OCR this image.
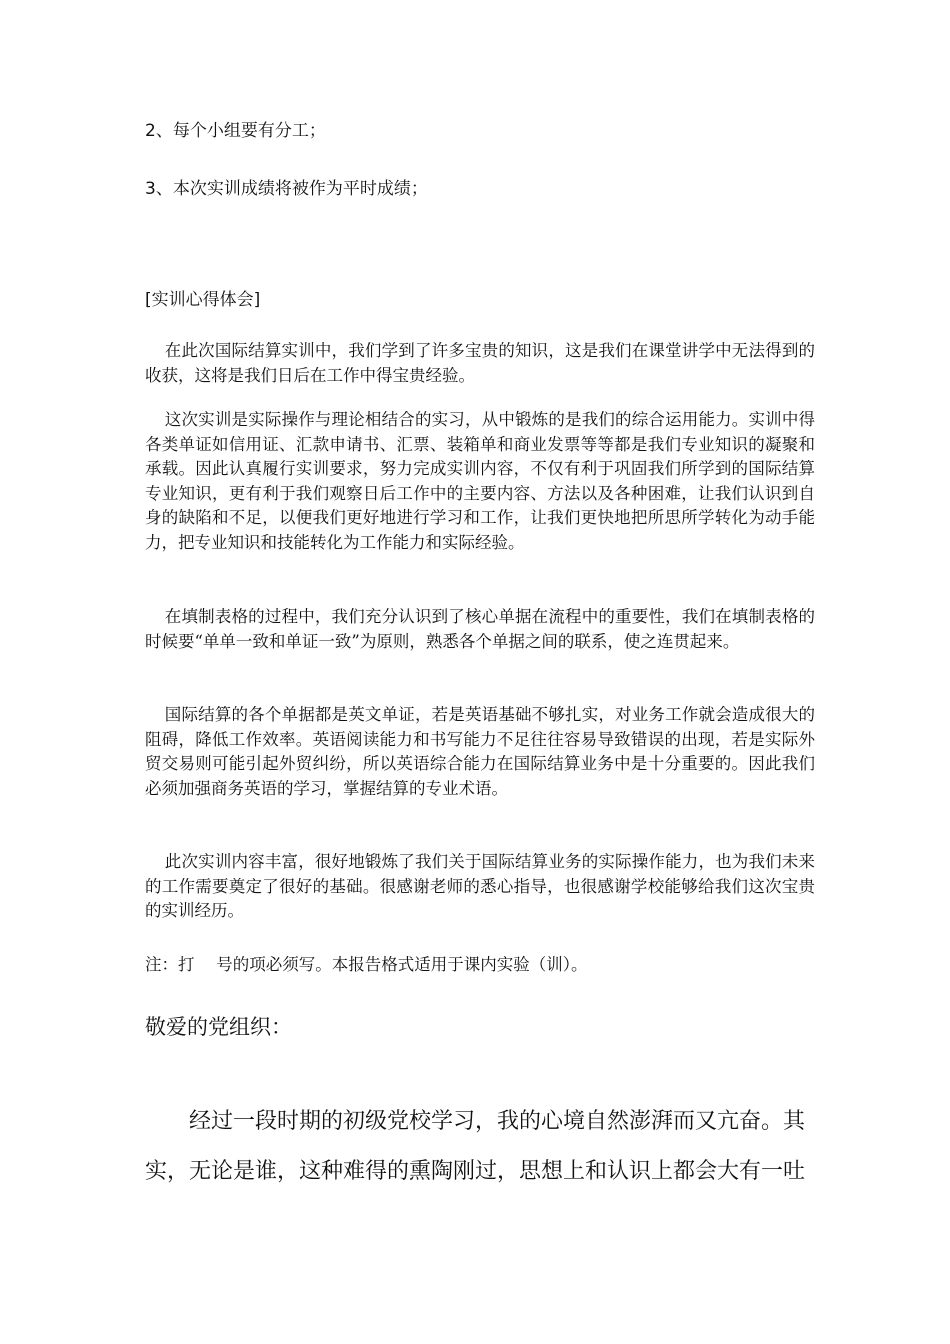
2、每个小组要有分工；
3、本次实训成绩将被作为平时成绩；
[实训心得体会]
在此次国际结算实训中，我们学到了许多宝贵的知识，这是我们在课堂讲学中无法得到的收获，这将是我们日后在工作中得宝贵经验。
这次实训是实际操作与理论相结合的实习，从中锻炼的是我们的综合运用能力。实训中得各类单证如信用证、汇款申请书、汇票、装箱单和商业发票等等都是我们专业知识的凝聚和承载。因此认真履行实训要求，努力完成实训内容，不仅有利于巩固我们所学到的国际结算专业知识，更有利于我们观察日后工作中的主要内容、方法以及各种困难，让我们认识到自身的缺陷和不足，以便我们更好地进行学习和工作，让我们更快地把所思所学转化为动手能力，把专业知识和技能转化为工作能力和实际经验。
在填制表格的过程中，我们充分认识到了核心单据在流程中的重要性，我们在填制表格的时候要“单单一致和单证一致”为原则，熟悉各个单据之间的联系，使之连贯起来。
国际结算的各个单据都是英文单证，若是英语基础不够扎实，对业务工作就会造成很大的阻碍，降低工作效率。英语阅读能力和书写能力不足往往容易导致错误的出现，若是实际外贸交易则可能引起外贸纠纷，所以英语综合能力在国际结算业务中是十分重要的。因此我们必须加强商务英语的学习，掌握结算的专业术语。
此次实训内容丰富，很好地锻炼了我们关于国际结算业务的实际操作能力，也为我们未来的工作需要奠定了很好的基础。很感谢老师的悉心指导，也很感谢学校能够给我们这次宝贵的实训经历。
注：打　 号的项必须写。本报告格式适用于课内实验（训）。
敬爱的党组织：
　　经过一段时期的初级党校学习，我的心境自然澎湃而又亢奋。其
实，无论是谁，这种难得的熏陶刚过，思想上和认识上都会大有一吐
